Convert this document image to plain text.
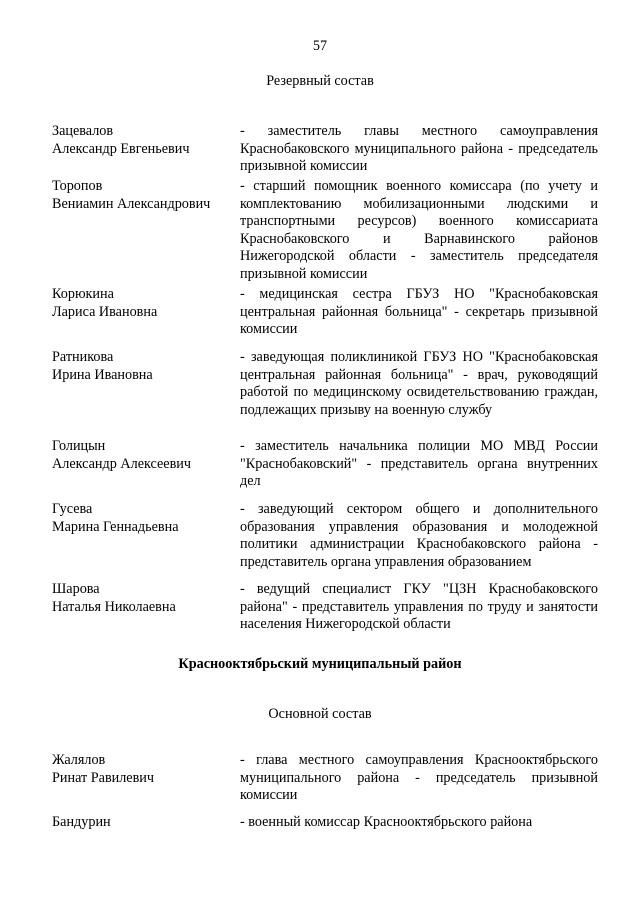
57
Резервный состав
Зацевалов
Александр Евгеньевич
- заместитель главы местного самоуправления Краснобаковского муниципального района - председатель призывной комиссии
Торопов
Вениамин Александрович
- старший помощник военного комиссара (по учету и комплектованию мобилизационными людскими и транспортными ресурсов) военного комиссариата Краснобаковского и Варнавинского районов Нижегородской области - заместитель председателя призывной комиссии
Корюкина
Лариса Ивановна
- медицинская сестра ГБУЗ НО "Краснобаковская центральная районная больница" - секретарь призывной комиссии
Ратникова
Ирина Ивановна
- заведующая поликлиникой ГБУЗ НО "Краснобаковская центральная районная больница" - врач, руководящий работой по медицинскому освидетельствованию граждан, подлежащих призыву на военную службу
Голицын
Александр Алексеевич
- заместитель начальника полиции МО МВД России "Краснобаковский" - представитель органа внутренних дел
Гусева
Марина Геннадьевна
- заведующий сектором общего и дополнительного образования управления образования и молодежной политики администрации Краснобаковского района - представитель органа управления образованием
Шарова
Наталья Николаевна
- ведущий специалист ГКУ "ЦЗН Краснобаковского района" - представитель управления по труду и занятости населения Нижегородской области
Краснооктябрьский муниципальный район
Основной состав
Жалялов
Ринат Равилевич
- глава местного самоуправления Краснооктябрьского муниципального района - председатель призывной комиссии
Бандурин	- военный комиссар Краснооктябрьского района
